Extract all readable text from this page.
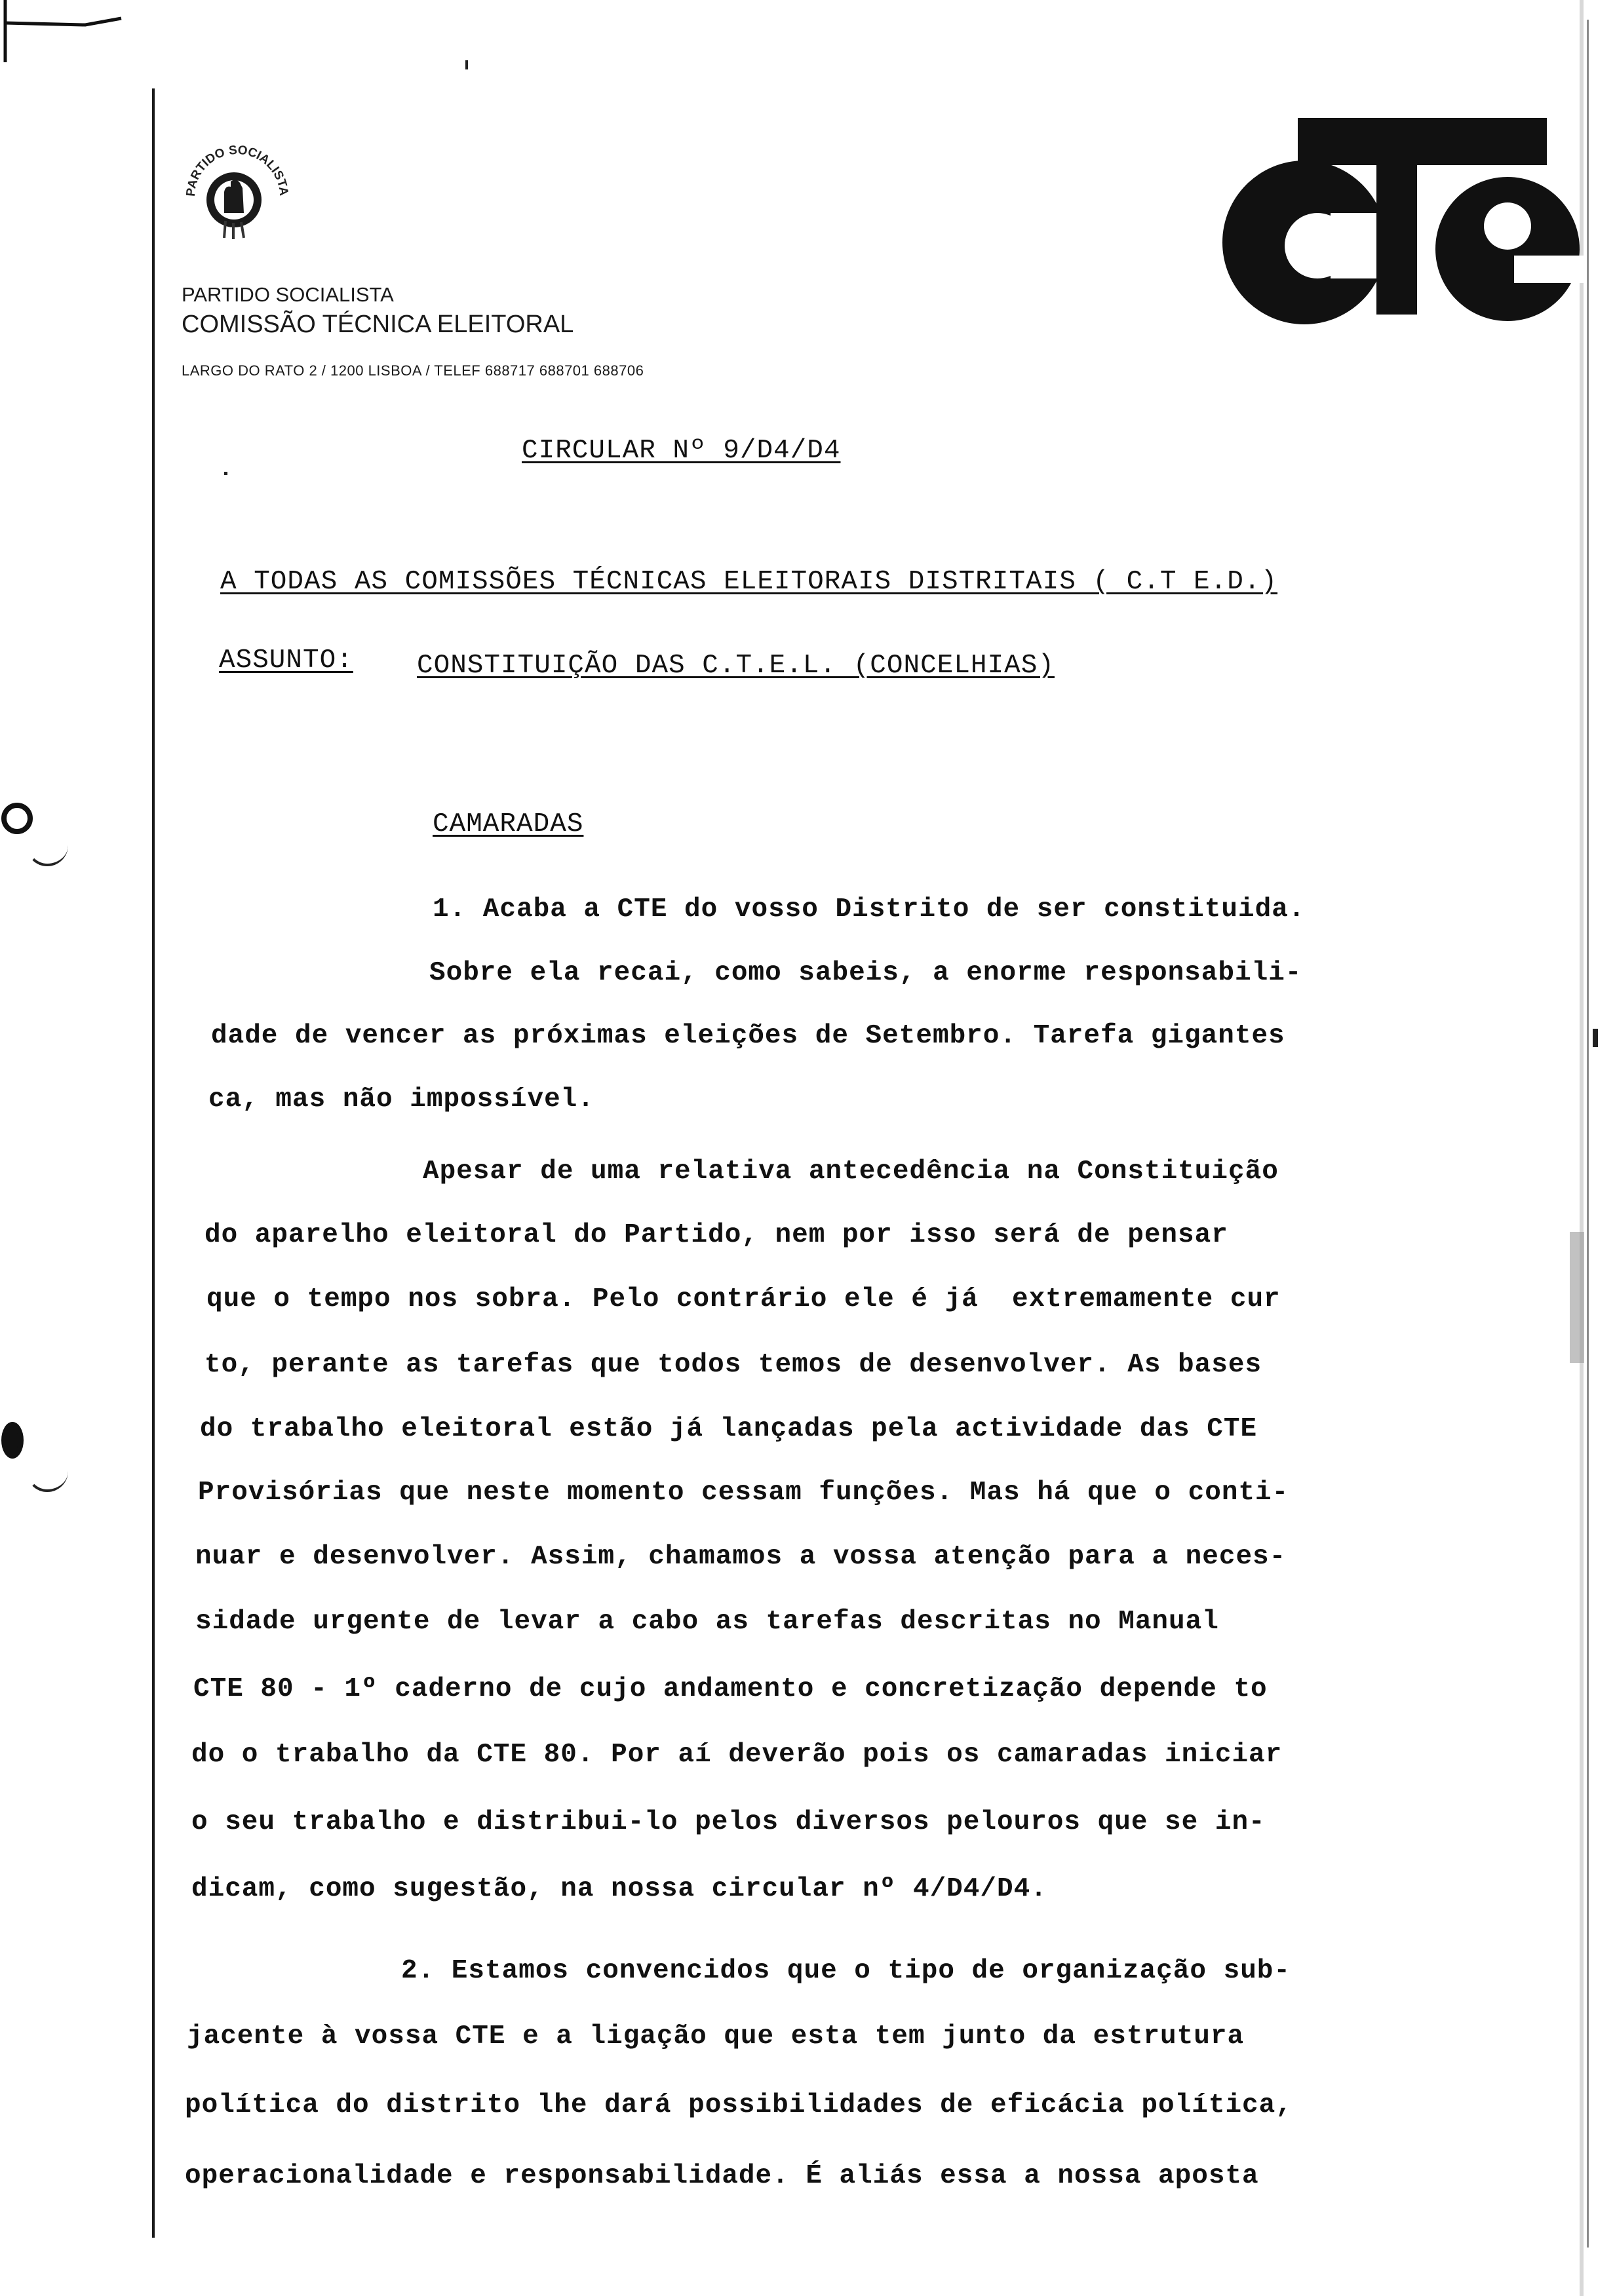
PARTIDO SOCIALISTA
PARTIDO SOCIALISTA
COMISSÃO TÉCNICA ELEITORAL
LARGO DO RATO 2 / 1200 LISBOA / TELEF 688717 688701 688706
CTE
CIRCULAR Nº 9/D4/D4
A TODAS AS COMISSÕES TÉCNICAS ELEITORAIS DISTRITAIS ( C.T E.D.)
ASSUNTO: CONSTITUIÇÃO DAS C.T.E.L. (CONCELHIAS)
CAMARADAS
1. Acaba a CTE do vosso Distrito de ser constituida.
Sobre ela recai, como sabeis, a enorme responsabili-
dade de vencer as próximas eleições de Setembro. Tarefa gigantes
ca, mas não impossível.
Apesar de uma relativa antecedência na Constituição
do aparelho eleitoral do Partido, nem por isso será de pensar
que o tempo nos sobra. Pelo contrário ele é já  extremamente cur
to, perante as tarefas que todos temos de desenvolver. As bases
do trabalho eleitoral estão já lançadas pela actividade das CTE
Provisórias que neste momento cessam funções. Mas há que o conti-
nuar e desenvolver. Assim, chamamos a vossa atenção para a neces-
sidade urgente de levar a cabo as tarefas descritas no Manual
CTE 80 - 1º caderno de cujo andamento e concretização depende to
do o trabalho da CTE 80. Por aí deverão pois os camaradas iniciar
o seu trabalho e distribui-lo pelos diversos pelouros que se in-
dicam, como sugestão, na nossa circular nº 4/D4/D4.
2. Estamos convencidos que o tipo de organização sub-
jacente à vossa CTE e a ligação que esta tem junto da estrutura
política do distrito lhe dará possibilidades de eficácia política,
operacionalidade e responsabilidade. É aliás essa a nossa aposta
